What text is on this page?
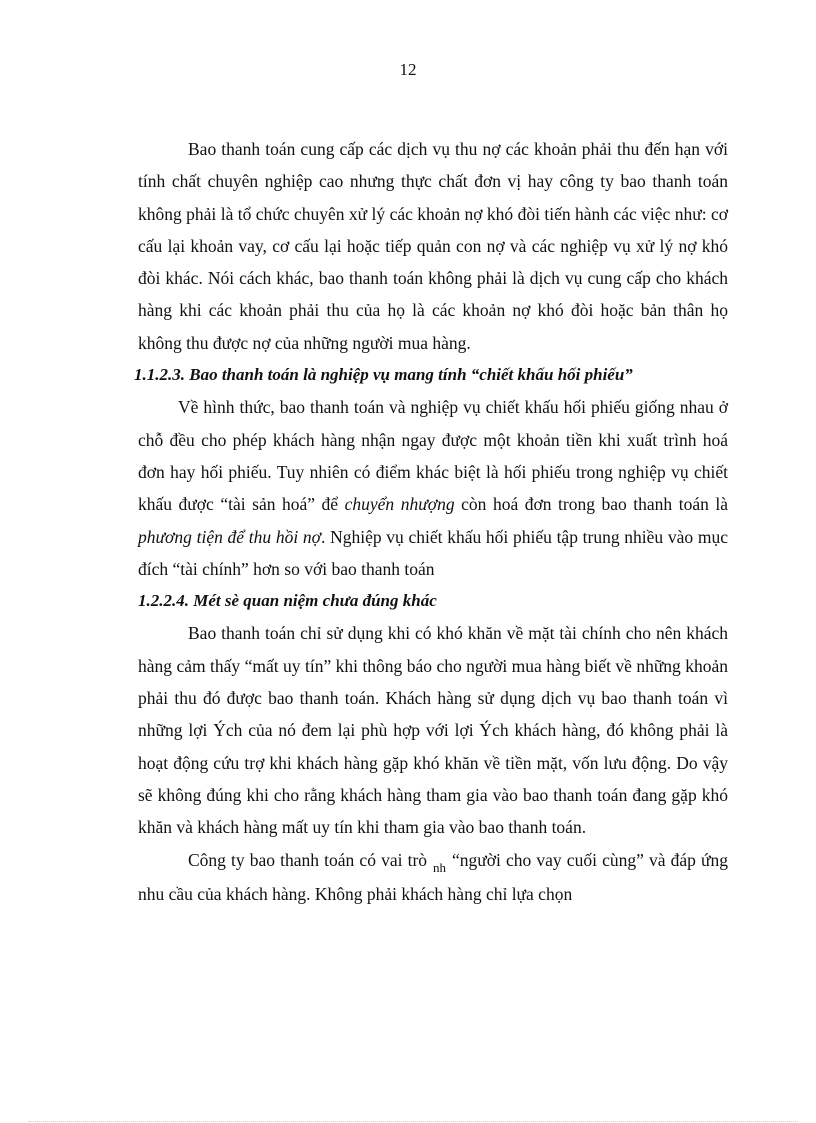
12

Bao thanh toán cung cấp các dịch vụ thu nợ các khoản phải thu đến hạn với tính chất chuyên nghiệp cao nhưng thực chất đơn vị hay công ty bao thanh toán không phải là tổ chức chuyên xử lý các khoản nợ khó đòi tiến hành các việc như: cơ cấu lại khoản vay, cơ cấu lại hoặc tiếp quản con nợ và các nghiệp vụ xử lý nợ khó đòi khác. Nói cách khác, bao thanh toán không phải là dịch vụ cung cấp cho khách hàng khi các khoản phải thu của họ là các khoản nợ khó đòi hoặc bản thân họ không thu được nợ của những người mua hàng.

1.1.2.3. Bao thanh toán là nghiệp vụ mang tính “chiết khấu hối phiếu”

Về hình thức, bao thanh toán và nghiệp vụ chiết khấu hối phiếu giống nhau ở chỗ đều cho phép khách hàng nhận ngay được một khoản tiền khi xuất trình hoá đơn hay hối phiếu. Tuy nhiên có điểm khác biệt là hối phiếu trong nghiệp vụ chiết khấu được “tài sản hoá” để chuyển nhượng còn hoá đơn trong bao thanh toán là phương tiện để thu hồi nợ. Nghiệp vụ chiết khấu hối phiếu tập trung nhiều vào mục đích “tài chính” hơn so với bao thanh toán

1.2.2.4. Mét sè quan niệm chưa đúng khác

Bao thanh toán chỉ sử dụng khi có khó khăn về mặt tài chính cho nên khách hàng cảm thấy “mất uy tín” khi thông báo cho người mua hàng biết về những khoản phải thu đó được bao thanh toán. Khách hàng sử dụng dịch vụ bao thanh toán vì những lợi Ých của nó đem lại phù hợp với lợi Ých khách hàng, đó không phải là hoạt động cứu trợ khi khách hàng gặp khó khăn về tiền mặt, vốn lưu động. Do vậy sẽ không đúng khi cho rằng khách hàng tham gia vào bao thanh toán đang gặp khó khăn và khách hàng mất uy tín khi tham gia vào bao thanh toán.

Công ty bao thanh toán có vai trò $_{nh}$ “người cho vay cuối cùng” và đáp ứng nhu cầu của khách hàng. Không phải khách hàng chỉ lựa chọn
